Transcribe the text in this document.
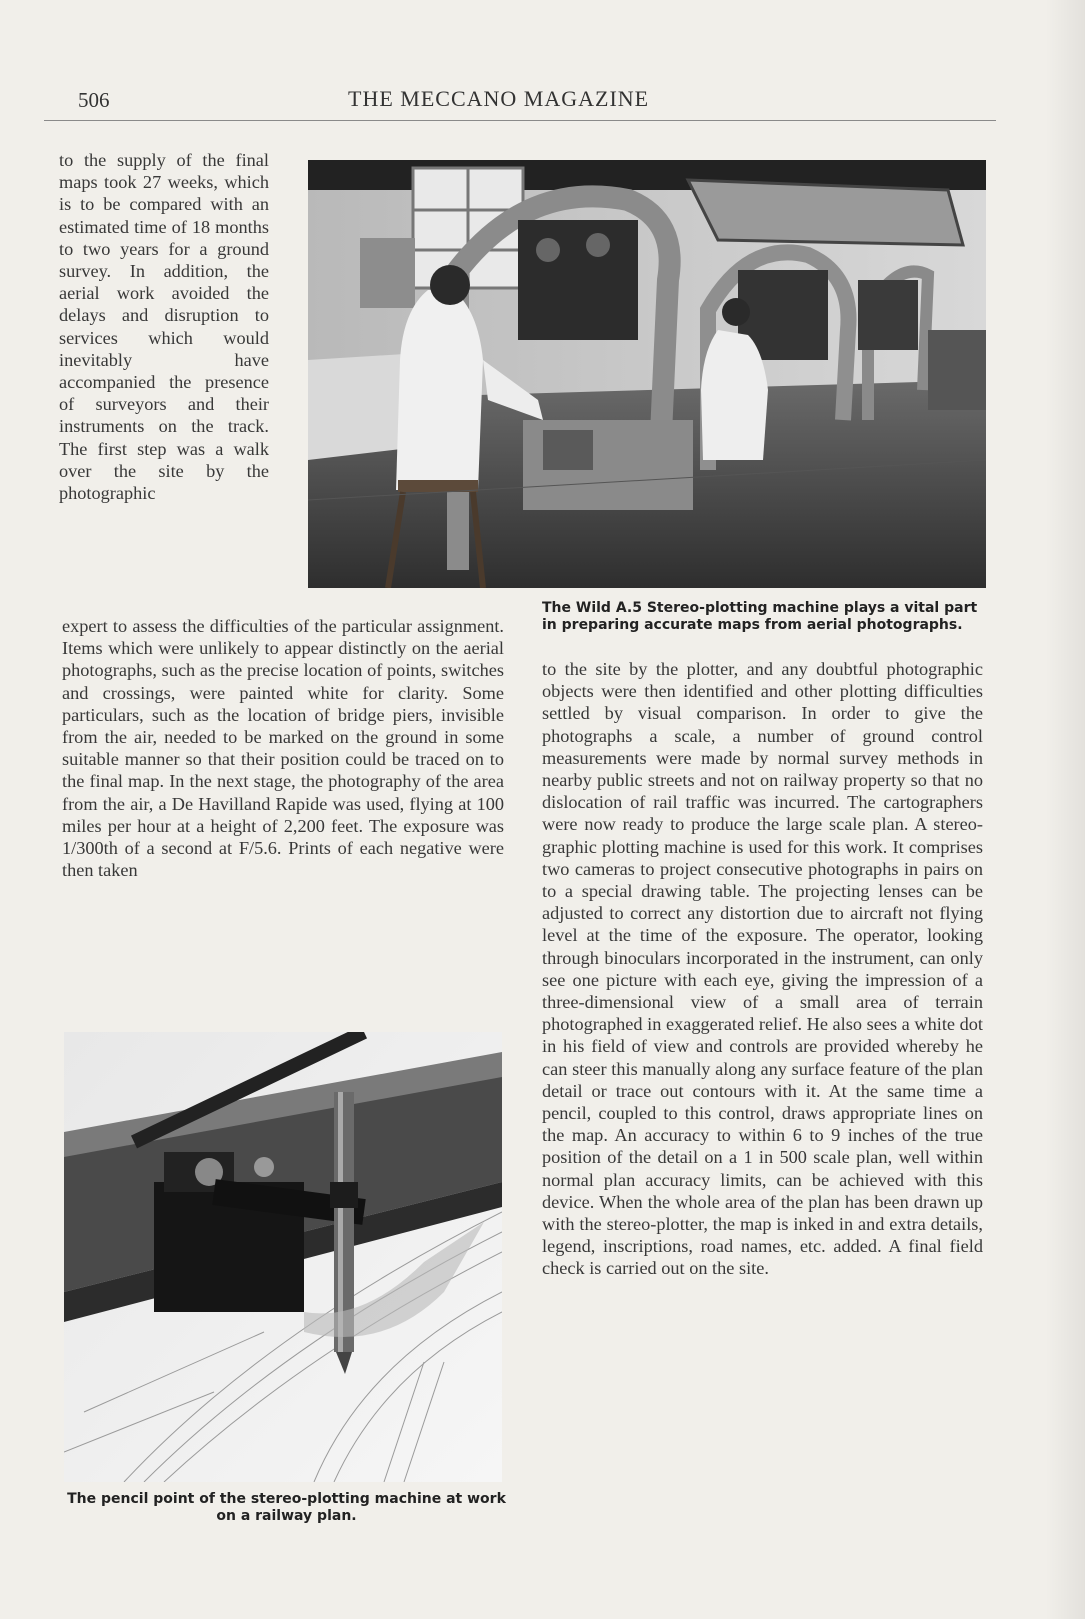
506	THE MECCANO MAGAZINE

to the supply of the final maps took 27 weeks, which is to be compared with an estimated time of 18 months to two years for a ground survey. In addition, the aerial work avoided the delays and disruption to services which would inevitably have accompanied the presence of surveyors and their instruments on the track. The first step was a walk over the site by the photographic

The Wild A.5 Stereo-plotting machine plays a vital part in preparing accurate maps from aerial photographs.

expert to assess the difficulties of the particular assignment. Items which were unlikely to appear distinctly on the aerial photographs, such as the precise location of points, switches and crossings, were painted white for clarity. Some particulars, such as the location of bridge piers, invisible from the air, needed to be marked on the ground in some suitable manner so that their position could be traced on to the final map. In the next stage, the photography of the area from the air, a De Havilland Rapide was used, flying at 100 miles per hour at a height of 2,200 feet. The exposure was 1/300th of a second at F/5.6. Prints of each negative were then taken

to the site by the plotter, and any doubtful photographic objects were then identified and other plotting difficulties settled by visual comparison. In order to give the photographs a scale, a number of ground control measurements were made by normal survey methods in nearby public streets and not on railway property so that no dislocation of rail traffic was incurred. The cartographers were now ready to produce the large scale plan. A stereo-graphic plotting machine is used for this work. It comprises two cameras to project consecutive photographs in pairs on to a special drawing table. The projecting lenses can be adjusted to correct any distortion due to aircraft not flying level at the time of the exposure. The operator, looking through binoculars incorporated in the instrument, can only see one picture with each eye, giving the impression of a three-dimensional view of a small area of terrain photographed in exaggerated relief. He also sees a white dot in his field of view and controls are provided whereby he can steer this manually along any surface feature of the plan detail or trace out contours with it. At the same time a pencil, coupled to this control, draws appropriate lines on the map. An accuracy to within 6 to 9 inches of the true position of the detail on a 1 in 500 scale plan, well within normal plan accuracy limits, can be achieved with this device. When the whole area of the plan has been drawn up with the stereo-plotter, the map is inked in and extra details, legend, inscriptions, road names, etc. added. A final field check is carried out on the site.

The pencil point of the stereo-plotting machine at work on a railway plan.
